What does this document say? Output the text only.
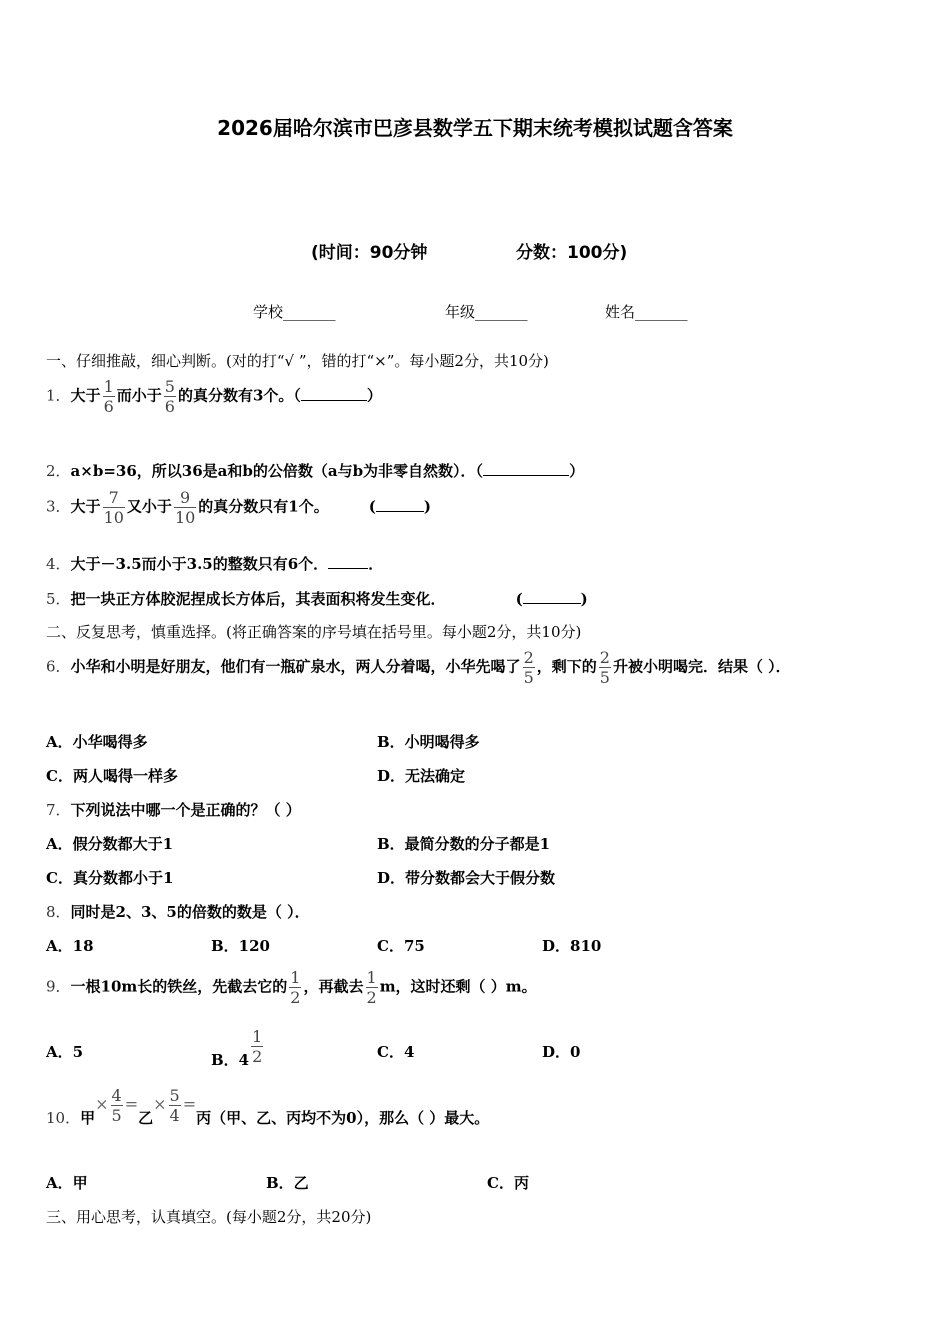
2026届哈尔滨市巴彦县数学五下期末统考模拟试题含答案
(时间：90分钟	分数：100分)
学校_______	年级_______	姓名_______
一、仔细推敲，细心判断。(对的打“√ ”，错的打“×”。每小题2分，共10分)
1．大于 $\frac{1}{6}$ 而小于 $\frac{5}{6}$ 的真分数有3个。（	）
2．a×b=36，所以36是a和b的公倍数（a与b为非零自然数）．（	）
3．大于 $\frac{7}{10}$ 又小于 $\frac{9}{10}$ 的真分数只有1个。	(	)
4．大于－3.5而小于3.5的整数只有6个．	．
5．把一块正方体胶泥捏成长方体后，其表面积将发生变化．	(	)
二、反复思考，慎重选择。(将正确答案的序号填在括号里。每小题2分，共10分)
6．小华和小明是好朋友，他们有一瓶矿泉水，两人分着喝，小华先喝了 $\frac{2}{5}$ ，剩下的 $\frac{2}{5}$ 升被小明喝完．结果（ ）．
A．小华喝得多	B．小明喝得多
C．两人喝得一样多	D．无法确定
7．下列说法中哪一个是正确的？（ ）
A．假分数都大于1	B．最简分数的分子都是1
C．真分数都小于1	D．带分数都会大于假分数
8．同时是2、3、5的倍数的数是（ ）．
A．18	B．120	C．75	D．810
9．一根10m长的铁丝，先截去它的 $\frac{1}{2}$ ，再截去 $\frac{1}{2}$ m，这时还剩（ ）m。
A．5	B．$4 \frac{1}{2}$	C．4	D．0
10．甲× $\frac{4}{5}$ =乙× $\frac{5}{4}$ =丙（甲、乙、丙均不为0），那么（ ）最大。
A．甲	B．乙	C．丙
三、用心思考，认真填空。(每小题2分，共20分)
